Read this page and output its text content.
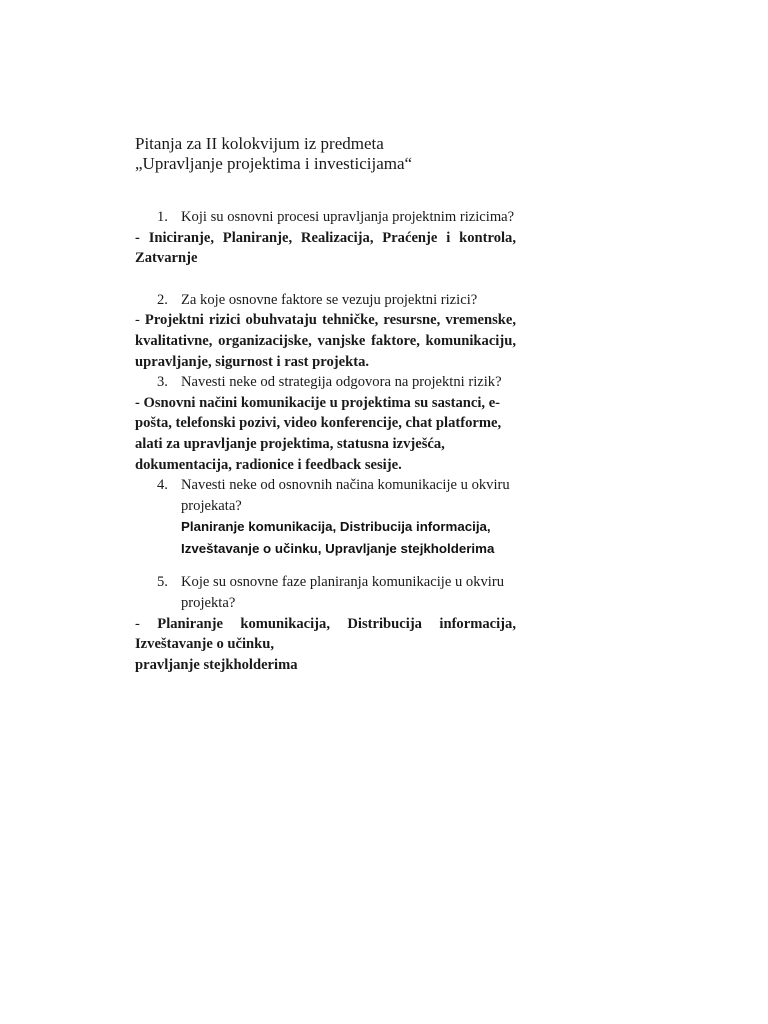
Pitanja za II kolokvijum iz predmeta
„Upravljanje projektima i investicijama“
1. Koji su osnovni procesi upravljanja projektnim rizicima?

- Iniciranje, Planiranje, Realizacija, Praćenje i kontrola, Zatvarnje

2. Za koje osnovne faktore se vezuju projektni rizici?

- Projektni rizici obuhvataju tehničke, resursne, vremenske, kvalitativne, organizacijske, vanjske faktore, komunikaciju, upravljanje, sigurnost i rast projekta.

3. Navesti neke od strategija odgovora na projektni rizik?

- Osnovni načini komunikacije u projektima su sastanci, e-pošta, telefonski pozivi, video konferencije, chat platforme, alati za upravljanje projektima, statusna izvješća, dokumentacija, radionice i feedback sesije.

4. Navesti neke od osnovnih načina komunikacije u okviru projekata?
Planiranje komunikacija, Distribucija informacija,
Izveštavanje o učinku, Upravljanje stejkholderima
5. Koje su osnovne faze planiranja komunikacije u okviru projekta?

- Planiranje komunikacija, Distribucija informacija, Izveštavanje o učinku,

pravljanje stejkholderima
